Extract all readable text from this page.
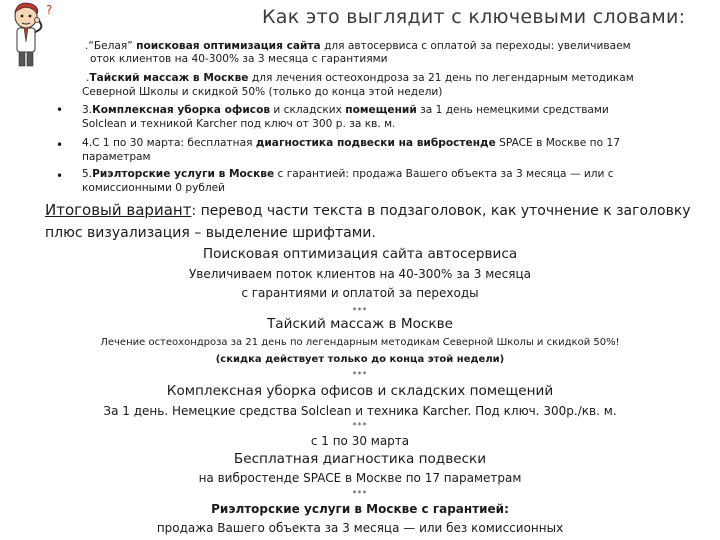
?	Как это выглядит с ключевыми словами:
.“Белая” поисковая оптимизация сайта для автосервиса с оплатой за переходы: увеличиваем
оток клиентов на 40-300% за 3 месяца с гарантиями
.Тайский массаж в Москве для лечения остеохондроза за 21 день по легендарным методикам
Северной Школы и скидкой 50% (только до конца этой недели)
• 3.Комплексная уборка офисов и складских помещений за 1 день немецкими средствами
Solclean и техникой Karcher под ключ от 300 р. за кв. м.
• 4.С 1 по 30 марта: бесплатная диагностика подвески на вибростенде SPACE в Москве по 17
параметрам
• 5.Риэлторские услуги в Москве с гарантией: продажа Вашего объекта за 3 месяца — или с
комиссионными 0 рублей
Итоговый вариант: перевод части текста в подзаголовок, как уточнение к заголовку плюс визуализация – выделение шрифтами.
Поисковая оптимизация сайта автосервиса
Увеличиваем поток клиентов на 40-300% за 3 месяца
с гарантиями и оплатой за переходы
***
Тайский массаж в Москве
Лечение остеохондроза за 21 день по легендарным методикам Северной Школы и скидкой 50%!
(скидка действует только до конца этой недели)
***
Комплексная уборка офисов и складских помещений
За 1 день. Немецкие средства Solclean и техника Karcher. Под ключ. 300р./кв. м.
***
с 1 по 30 марта
Бесплатная диагностика подвески
на вибростенде SPACE в Москве по 17 параметрам
***
Риэлторские услуги в Москве с гарантией:
продажа Вашего объекта за 3 месяца — или без комиссионных
